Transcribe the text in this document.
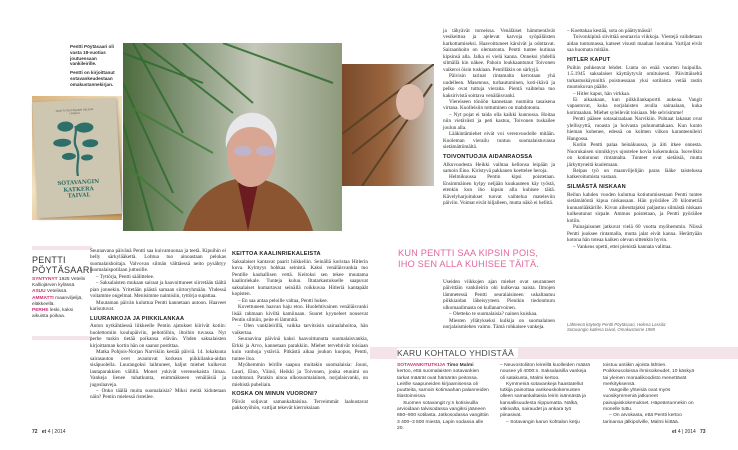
Pentti Pöytäsaari oli vasta 18-vuotias joutuessaan vankileirille.

Pentti on kirjoittanut sotavankeudestaan omakustannekirjan.

PENTTI PÖYTÄSAARI HELENA LASSILA
SOTAVANGIN
KATKERA
TAIVAL
PENTTI
PÖYTÄSAARI
SYNTYNYT 1925 Vetelin Kalliojärven kylässä.
ASUU Vetelissä.
AMMATTI maanviljelijä, eläkkeellä.
PERHE leski, kaksi aikuista poikaa.

Seuraavana päivänä Pentti saa kuivamuonaa ja teetä. Kipuihin ei helly särkylääkettä. Lohtua tuo ainoastaan pelokas suomalaishoitaja. Valvovan silmän välttäessä neito pysähtyy suomalaispotilaan juttusille.

– Tyttörja, Pentti säälittelee.

– Saksalaisten mukaan sairaat ja haavoittuneet siirretään täältä pian jonnekin. Yritetään päästä samaan siirtoryhmään. Yhdessä voitamme ongelmat. Menisimme naimisiin, tyttörja supattaa.

Muutaman päivän kuluttua Pentti kannetaan autoon. Haaveet karisutuvat.

LUURANKOJA JA PIIKKILANKAA

Auton nytkähtäessä liikkeelle Pentin ajatukset kiirivät kotiin: huolettomiin koulupäiviin, peltotöihin, iltoihin tuvassa. Nyt perhe tuskin tietää poikansa elävän. Yhden saksalaisten kirjoittaman kortin hän on saanut postittaa.

Matka Pohjois-Norjan Narvikiin kestää päiviä. 14. lokakuuta sairasauton ovet avautuvat korkean piikkilanka-aidan sisäpuolella. Luurangoksi laihtuneet, kaljut miehet kulkevat lautaparakkien välillä. Monet yskivät verensekaista limaa. Vankeja lienee tuhatkunta, enimmäkseen venäläisiä ja jugoslaaveja.

– Onko täällä muita suomalaisia? Miksi meitä kidutetaan näin? Pentin mielessä risteilee.

KEITTOA KAALINRIEKALEISTA

Saksalaiset kantavat paarit hökkeliin. Seinällä koristaa Hitlerin kuva. Kylmyys hohkaa seinistä. Kaksi venäläisvankia tuo Pentille kauhallisen vettä. Keitoksi sen tekee muutama kaalinriekale. Tunteja kuluu. Iltatarkastukselle saapuvat saksalaiset kumartavat seinällä roikkuvaa Hitleriä kantapäät kopisten.

– En saa antaa peloille valtaa, Pentti hokee.

Kovettuneen haavan haju etoo. Huolehtivainen venäläisvanki lisää rahmaan kiviltä kamiinaan. Suuret kyyneleet nousevat Pentin silmiin, peite ei lämmitä.

– Olen vankileirillä, vaikka tarvitsisin sairaalahoitoa, hän vaikertaa.

Seuraavina päivinä kaksi haavoittunutta suomalaisvankia, Erkki ja Arvo, kannetaan parakkiin. Miehet tervehtivät toisiaan kuin vanhoja ystäviä. Pitkästä aikaa joukon kuopus, Pentti, tuntee iloa.

Myöhemmin leirille saapuu muitakin suomalaisia: Jouni, Lauri, Eino, Väinö, Heikki ja Toivonen, jonka etunimi on unohtunut. Parakin ainoa ulkosuomalainen, norjalaisvanki, on miehistä puheliain.

KOSKA ON MINUN VUORONI?

Päivät soljuvat samankaltaisina. Terveimmät laahustavat pakkotyöhön, vartijat tekevät kierroksiaan

ja tähyävät torneissa. Venäläiset hämmentävät vesikeittoa ja ajelevat karvoja syöpäläisten karkottamiseksi. Haavoittuneet kärsivät ja odottavat. Sairaanhoito on olematonta. Pentti tuntee kutinaa kipsinsä alla. Jalka ei vielä kanna. Onneksi yhdellä silmällä kin näkee. Pahoin loukkaantunut Toivonen vaikeroi öisin tuskiaan. Pentilläkin on särkyjä.

Päivisin tarinat rintamalta kerrotaan yhä uudelleen. Masennus, turhautuminen, koti-ikävä ja pelko ovat tuttuja vieraita. Pientä vaihtelua tuo kaksirivistä soittava venäläisvanki.

Viereiseen tönöön kannetaan ruumiita tasaisena virtana. Kuolleisiin tottuminen on mahdotonta.

– Nyt pojat ei taida olla kaikki kunnossa. Hoitaa niin vietävästi ja peti kastuu, Toivonen tuskailee joulun alla.

Lääkintämiehet eivät voi verenvuodolle mitään. Kuoleman vierailu tuntuu suomalaistuvassa sietämättömältä.

TOIVONTUOJIA AIDANRAOSSA

Alkuvuodesta Heikki vaihtaa kellonsa leipään ja samoin Eino. Kiristyvä pakkanen koettelee heroja.

Helmikuussa Pentin kipsi poistetaan. Ensimmäinen kylpy neljään kuukauteen käy työstä, etenkin kun iho kipsin alla kuhisee täitä. Kävelyharjoitukset tuovat vaihtelua mateleviin päiviin. Voimat eivät hiljalleen, mutta näkö ei hellitä.

– Koettakaa kestää, sota on päättymässä!

Toivonkipinä siivittää seuraavia viikkoja. Viestejä vaihdetaan aidan tuntumassa, katseet visusti maahan luotuina. Vartijat eivät saa huomata mitään.

HITLER KAPUT

Puihin puhkeavat lehdet. Lunta on enää vuorten huipuilla. 1.5.1945 saksalaiset käyttäytyvät omituisesti. Päivittäiseltä tarkastuskäynniltä poistuessaan yksi sotilaista vetää rastin muotokuvan päälle.

– Hitler kaput, hän virkkaa.

Ei aikaakaan, kun piikkilankaportti aukeaa. Vangit vapautuvat, kuka norjalaisten avulla sairaalaan, kuka kotimaahan. Miehet syleilevät toisiaan. Me selvisimme!

Pentti pääsee sotasairaalaan Narvikiin. Puhtaat lakanat ovat ylellisyyttä, ruoasta ja hoivasta puhumattakaan. Kun kunto hieman kohenee, edessä on kolmen viikon karanteenileiri Hangossa.

Kotiin Pentti palaa heinäkuussa, ja äiti itkee onnesta. Nuorukaisen sinnikkyys ujostelee kovia kokemuksia. Isovelikin on kotiutunut rintamalta. Tunteet ovat sietäisiä, mutta järkyttyneitä kuulemaan.

Reipas työ on maanviljelijän paras lääke taistelussa katkeroitumista vastaan.

SILMÄSTÄ NISKAAN

Reilun kahden vuoden kuluttua kotiutumisestaan Pentti tuntee sietämätöntä kipua niskassaan. Hän pyöräilee 20 kilometriä kunnanlääkärille. Kivun aiheuttajaksi paljastuu silmästä niskaan kulkeutunut sirpale. Ammus poistetaan, ja Pentti pyöräilee kotiin.

Painajaisunet jatkuvat vielä 60 vuotta myöhemmin. Niissä Pentti juoksee rintamalla, mutta jalat eivät kanna. Herättyään kotona hän toteaa kaiken olevan sittenkin hyvin.

– Vankeus opetti, ettei pienistä kannata valittaa.

Lähteenä käytetty Pentti Pöytäsaari, Helena Lassila: Sotavangin katkera taival, Omakustanne 1989
KUN PENTTI SAA KIPSIN POIS,
IHO SEN ALLA KUHISEE TÄITÄ.

Useiden viikkojen ajan miehet ovat seuranneet päivittäin vankileirin ohi kulkevaa naista. Ilmojen lämmetessä Pentti seuralaisineen uskaltautuu piikkiaidan läheisyyteen. Pienikin tiedonmuru ulkomaailmasta on kullanarvoinen.

– Oletteko te suomalaisia? nainen kuiskaa.

Miesten yllätykseksi kulkija on suomalainen norjalaismiehen vaimo. Tämä rohkaisee vankeja.

KARU KOHTALO YHDISTÄÄ

SOTAVANKITUTKIJA Timo Malmi kertoo, että suomalaisten sotavankien tarkat määrät ovat hämärän peitossa. Leirille saapuneiden kirjaamisessa oli puutteita, samoin kotimaahan palanneiden tilastoinnissa.

Suomen sotavangit ry:n kotisivuilla arvioidaan talvisodassa vangiksi jääneen 850–900 sotilasta. Jatkosodassa vangittiin 3 400–3 500 miestä, Lapin sodassa alle 20.

– Neuvostoliiton leireillä kuolleiden määrä nousee yli 4000:n. Saksalaisilla vankeja oli satakunta, Malmi kertoo.

Kymmeniä sotavankeja haastatellut tutkija painottaa vankeuskokemusten olleen samankaltaisia leirin isännästä ja kansallisuudesta riippumatta. Nälkä, väkivalta, sairaudet ja ankara työ piinasivat.

– Sotavangin karun kohtalon ketju

toistuu antiikin ajoista lähtien. Poikkeusoloissa ihmisoikeudet, 10 käskyä tai yleinen moraalikoodisto menettävät merkityksensä.

Vangeille yhteisiä ovat myös vuosikymmeniä jatkuneet painajaiskokemukset. Häpeäntunnekin on monelle tuttu.

– On arvokasta, että Pentti kertoo tarinansa jälkipolville, Malmi kiittää.

72 et 4 | 2014	et 4 | 2014 73
